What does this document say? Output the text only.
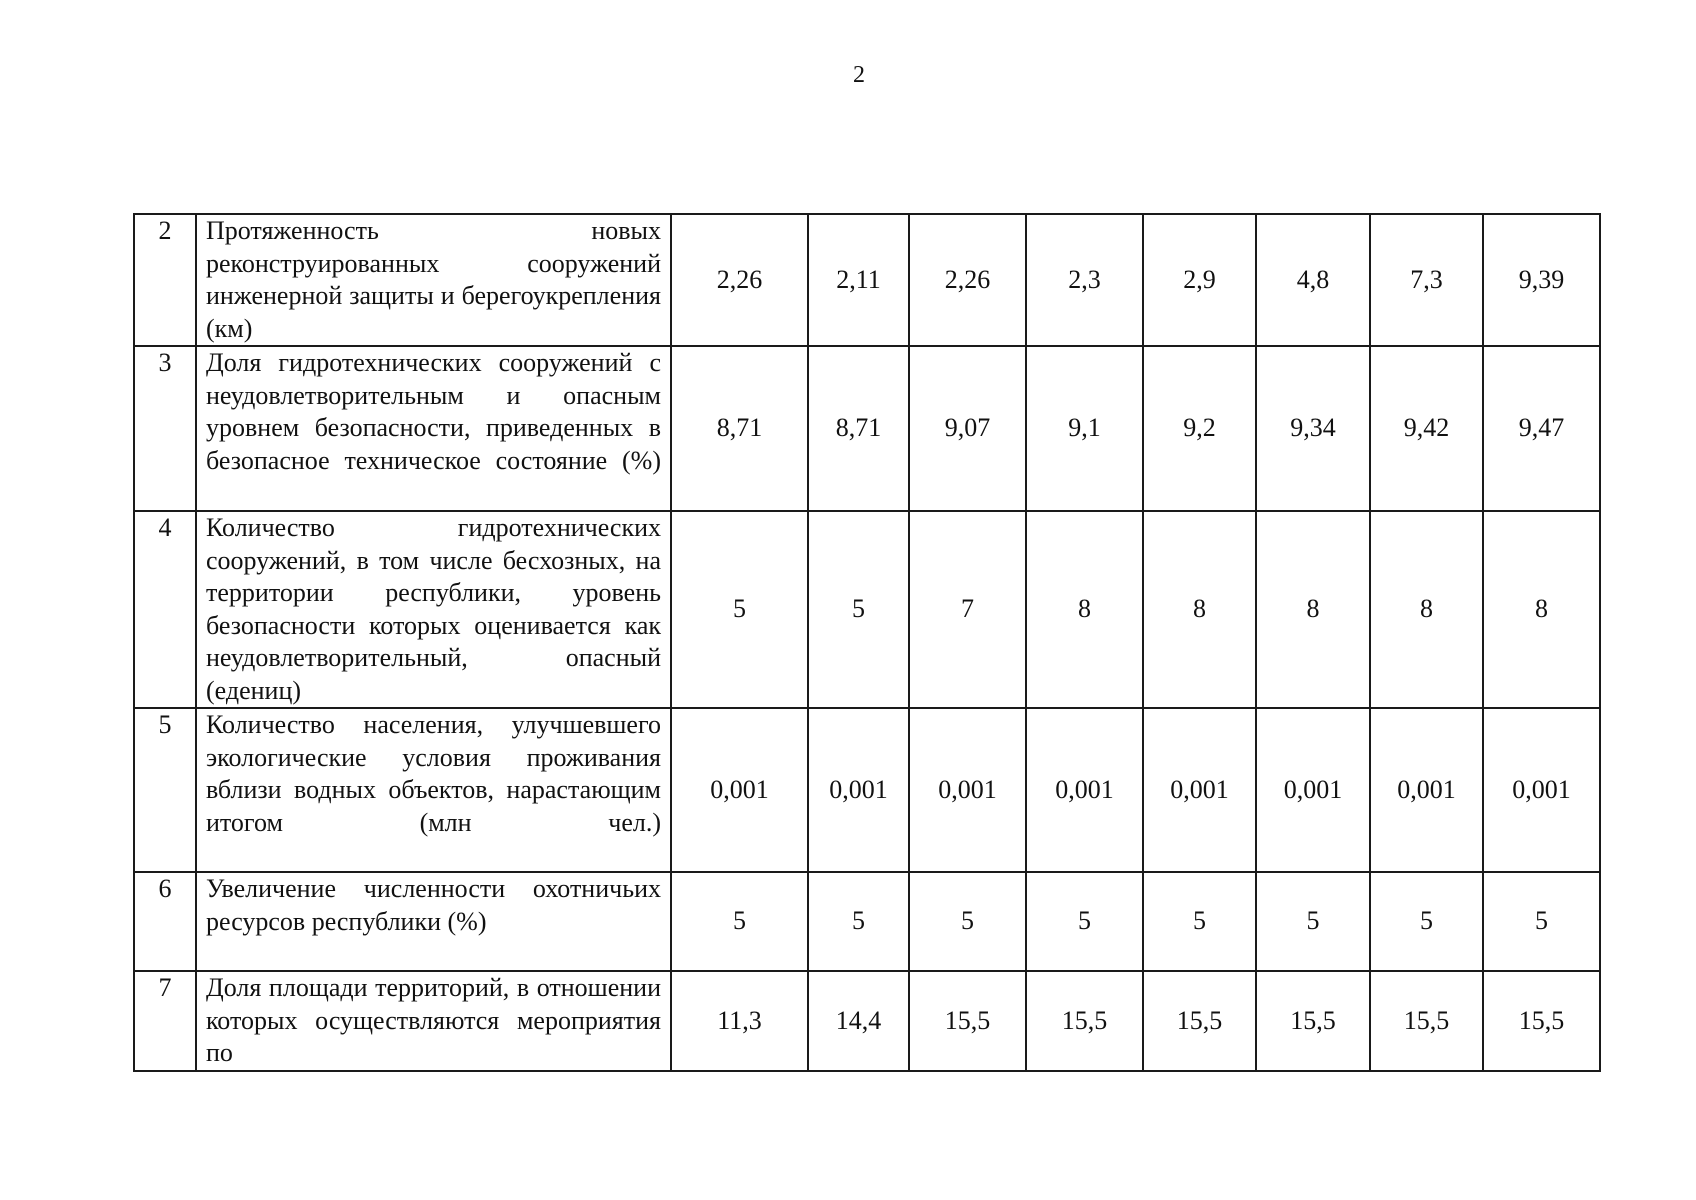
2
2	Протяженность новых реконструированных сооружений инженерной защиты и берегоукрепления (км)	2,26	2,11	2,26	2,3	2,9	4,8	7,3	9,39
3	Доля гидротехнических сооружений с неудовлетворительным и опасным уровнем безопасности, приведенных в безопасное техническое состояние (%)	8,71	8,71	9,07	9,1	9,2	9,34	9,42	9,47
4	Количество гидротехнических сооружений, в том числе бесхозных, на территории республики, уровень безопасности которых оценивается как неудовлетворительный, опасный (едениц)	5	5	7	8	8	8	8	8
5	Количество населения, улучшевшего экологические условия проживания вблизи водных объектов, нарастающим итогом (млн чел.)	0,001	0,001	0,001	0,001	0,001	0,001	0,001	0,001
6	Увеличение численности охотничьих ресурсов республики (%)	5	5	5	5	5	5	5	5
7	Доля площади территорий, в отношении которых осуществляются мероприятия по	11,3	14,4	15,5	15,5	15,5	15,5	15,5	15,5
